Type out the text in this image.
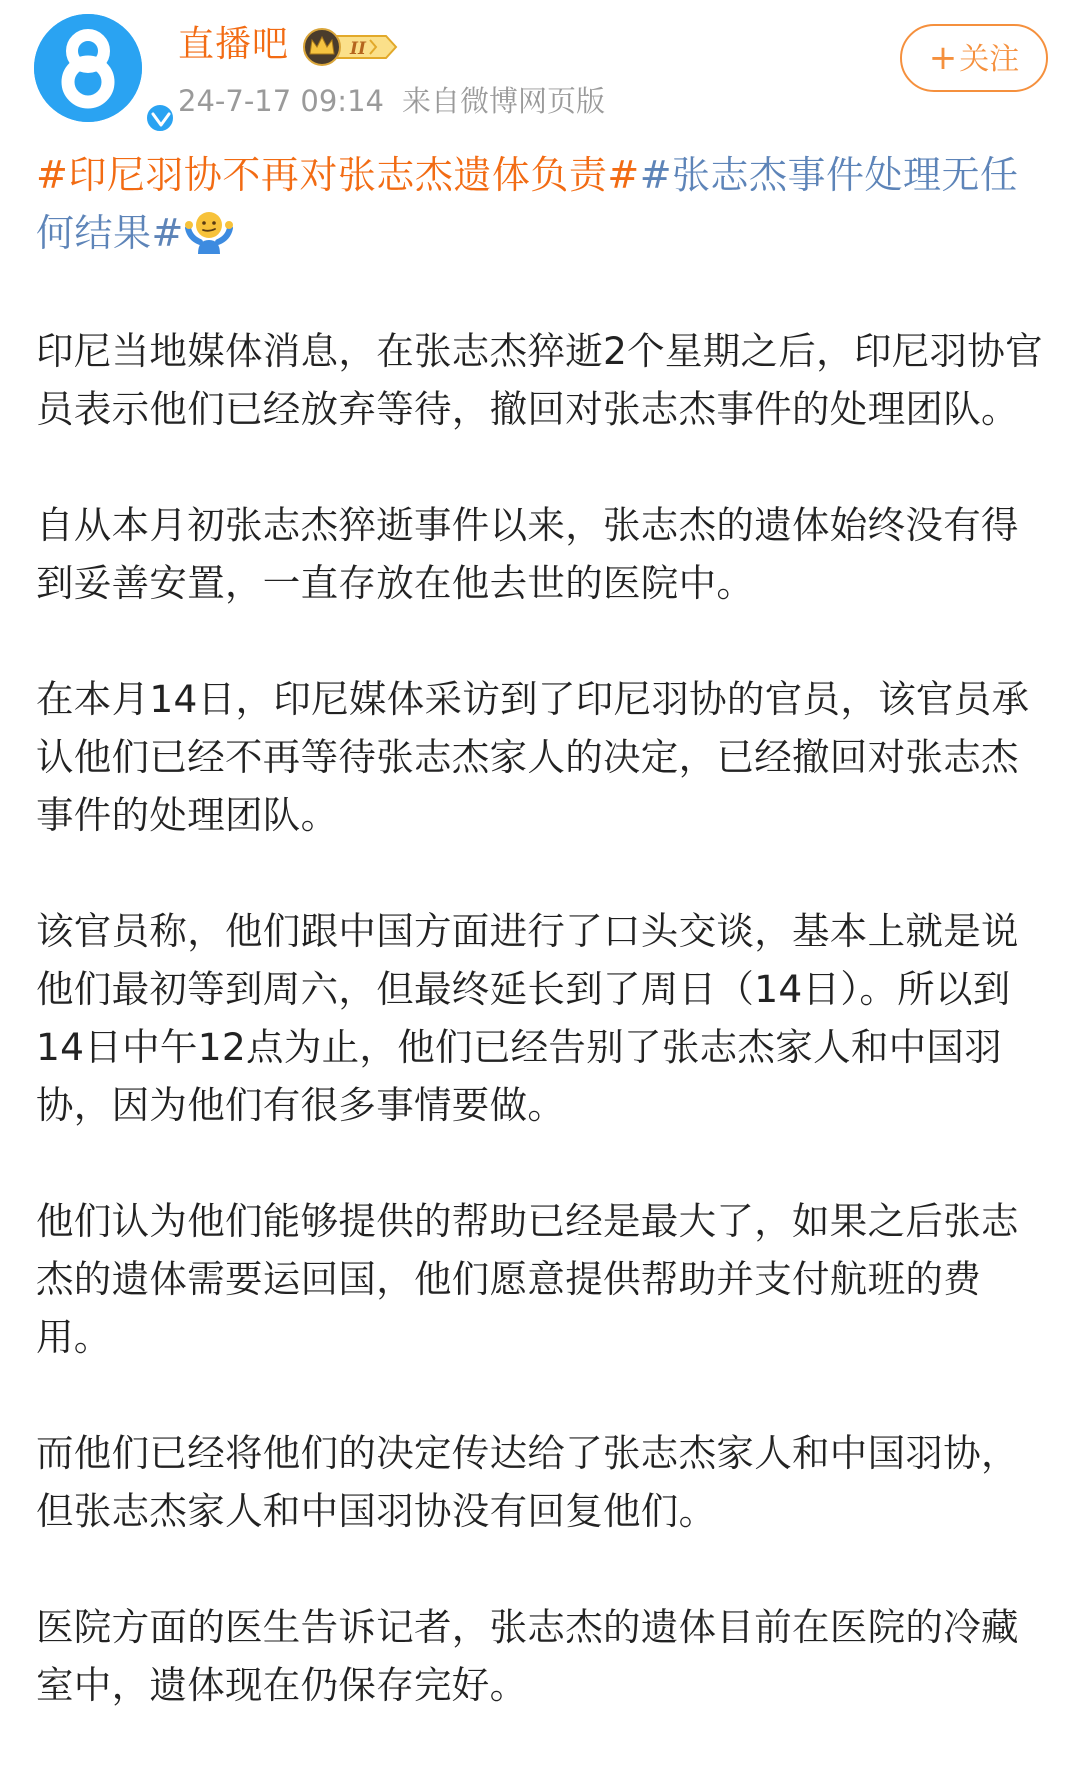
直播吧	II
24-7-17 09:14 来自微博网页版
+关注
#印尼羽协不再对张志杰遗体负责##张志杰事件处理无任何结果#

印尼当地媒体消息，在张志杰猝逝2个星期之后，印尼羽协官员表示他们已经放弃等待，撤回对张志杰事件的处理团队。

自从本月初张志杰猝逝事件以来，张志杰的遗体始终没有得到妥善安置，一直存放在他去世的医院中。

在本月14日，印尼媒体采访到了印尼羽协的官员，该官员承认他们已经不再等待张志杰家人的决定，已经撤回对张志杰事件的处理团队。

该官员称，他们跟中国方面进行了口头交谈，基本上就是说他们最初等到周六，但最终延长到了周日（14日）。所以到14日中午12点为止，他们已经告别了张志杰家人和中国羽协，因为他们有很多事情要做。

他们认为他们能够提供的帮助已经是最大了，如果之后张志杰的遗体需要运回国，他们愿意提供帮助并支付航班的费用。

而他们已经将他们的决定传达给了张志杰家人和中国羽协，但张志杰家人和中国羽协没有回复他们。

医院方面的医生告诉记者，张志杰的遗体目前在医院的冷藏室中，遗体现在仍保存完好。
